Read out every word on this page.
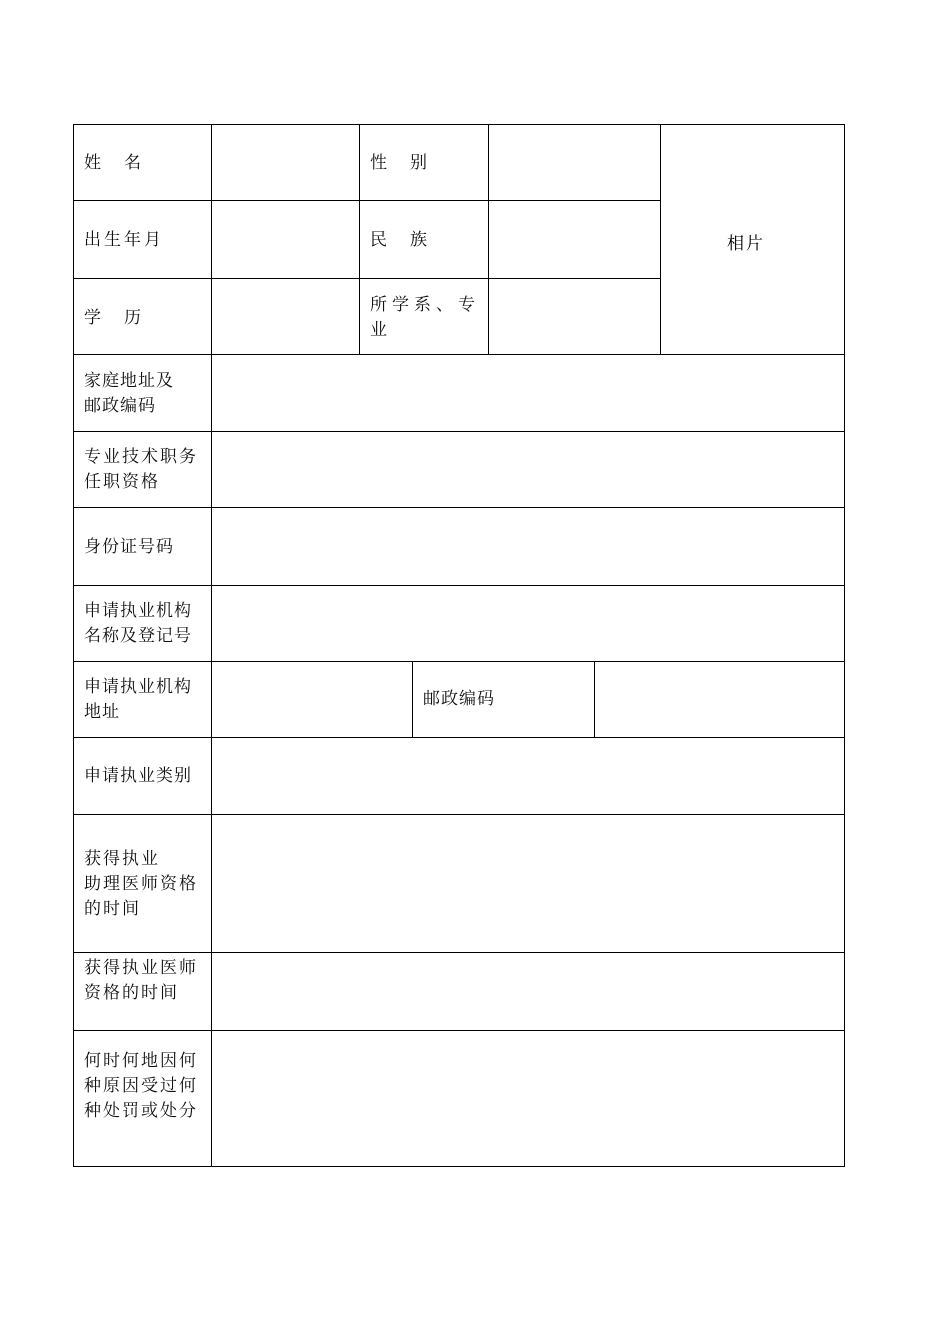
姓　名	性　别
相片
出生年月	民　族
学　历
所学系、专
业
家庭地址及
邮政编码
专业技术职务
任职资格
身份证号码
申请执业机构
名称及登记号
申请执业机构
地址
邮政编码
申请执业类别
获得执业
助理医师资格
的时间
获得执业医师
资格的时间
何时何地因何
种原因受过何
种处罚或处分
